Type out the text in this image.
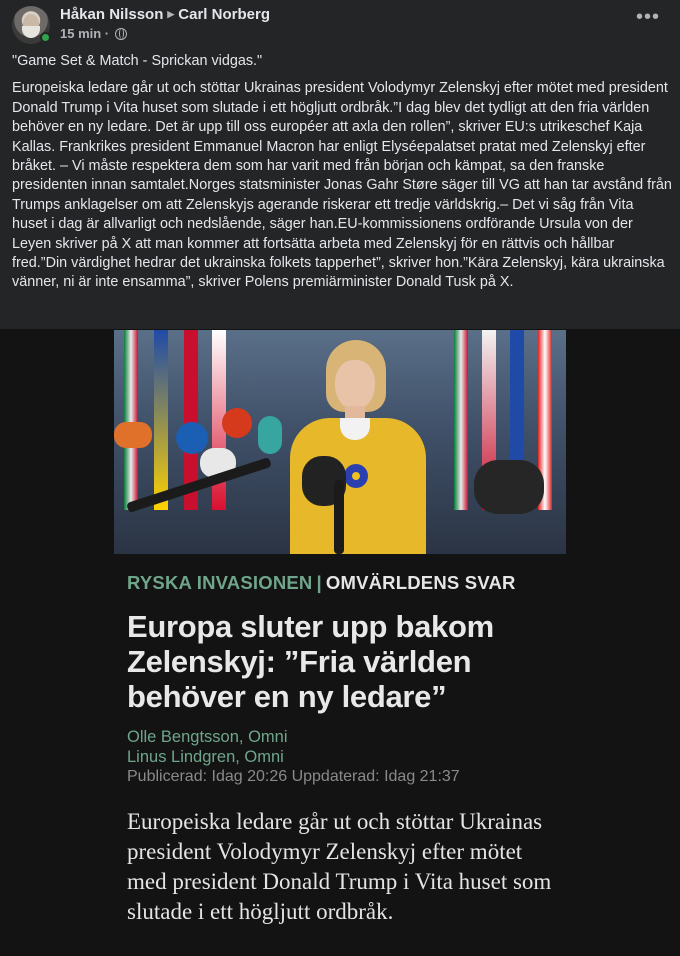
Håkan Nilsson ▶ Carl Norberg
15 min ·
•••

"Game Set & Match - Sprickan vidgas."

Europeiska ledare går ut och stöttar Ukrainas president Volodymyr Zelenskyj efter mötet med president Donald Trump i Vita huset som slutade i ett högljutt ordbråk.”I dag blev det tydligt att den fria världen behöver en ny ledare. Det är upp till oss européer att axla den rollen”, skriver EU:s utrikeschef Kaja Kallas. Frankrikes president Emmanuel Macron har enligt Elyséepalatset pratat med Zelenskyj efter bråket. – Vi måste respektera dem som har varit med från början och kämpat, sa den franske presidenten innan samtalet.Norges statsminister Jonas Gahr Støre säger till VG att han tar avstånd från Trumps anklagelser om att Zelenskyjs agerande riskerar ett tredje världskrig.– Det vi såg från Vita huset i dag är allvarligt och nedslående, säger han.EU-kommissionens ordförande Ursula von der Leyen skriver på X att man kommer att fortsätta arbeta med Zelenskyj för en rättvis och hållbar fred.”Din värdighet hedrar det ukrainska folkets tapperhet”, skriver hon.”Kära Zelenskyj, kära ukrainska vänner, ni är inte ensamma”, skriver Polens premiärminister Donald Tusk på X.

RYSKA INVASIONEN | OMVÄRLDENS SVAR
Europa sluter upp bakom Zelenskyj: ”Fria världen behöver en ny ledare”
Olle Bengtsson, Omni
Linus Lindgren, Omni
Publicerad: Idag 20:26 Uppdaterad: Idag 21:37
Europeiska ledare går ut och stöttar Ukrainas president Volodymyr Zelenskyj efter mötet med president Donald Trump i Vita huset som slutade i ett högljutt ordbråk.
